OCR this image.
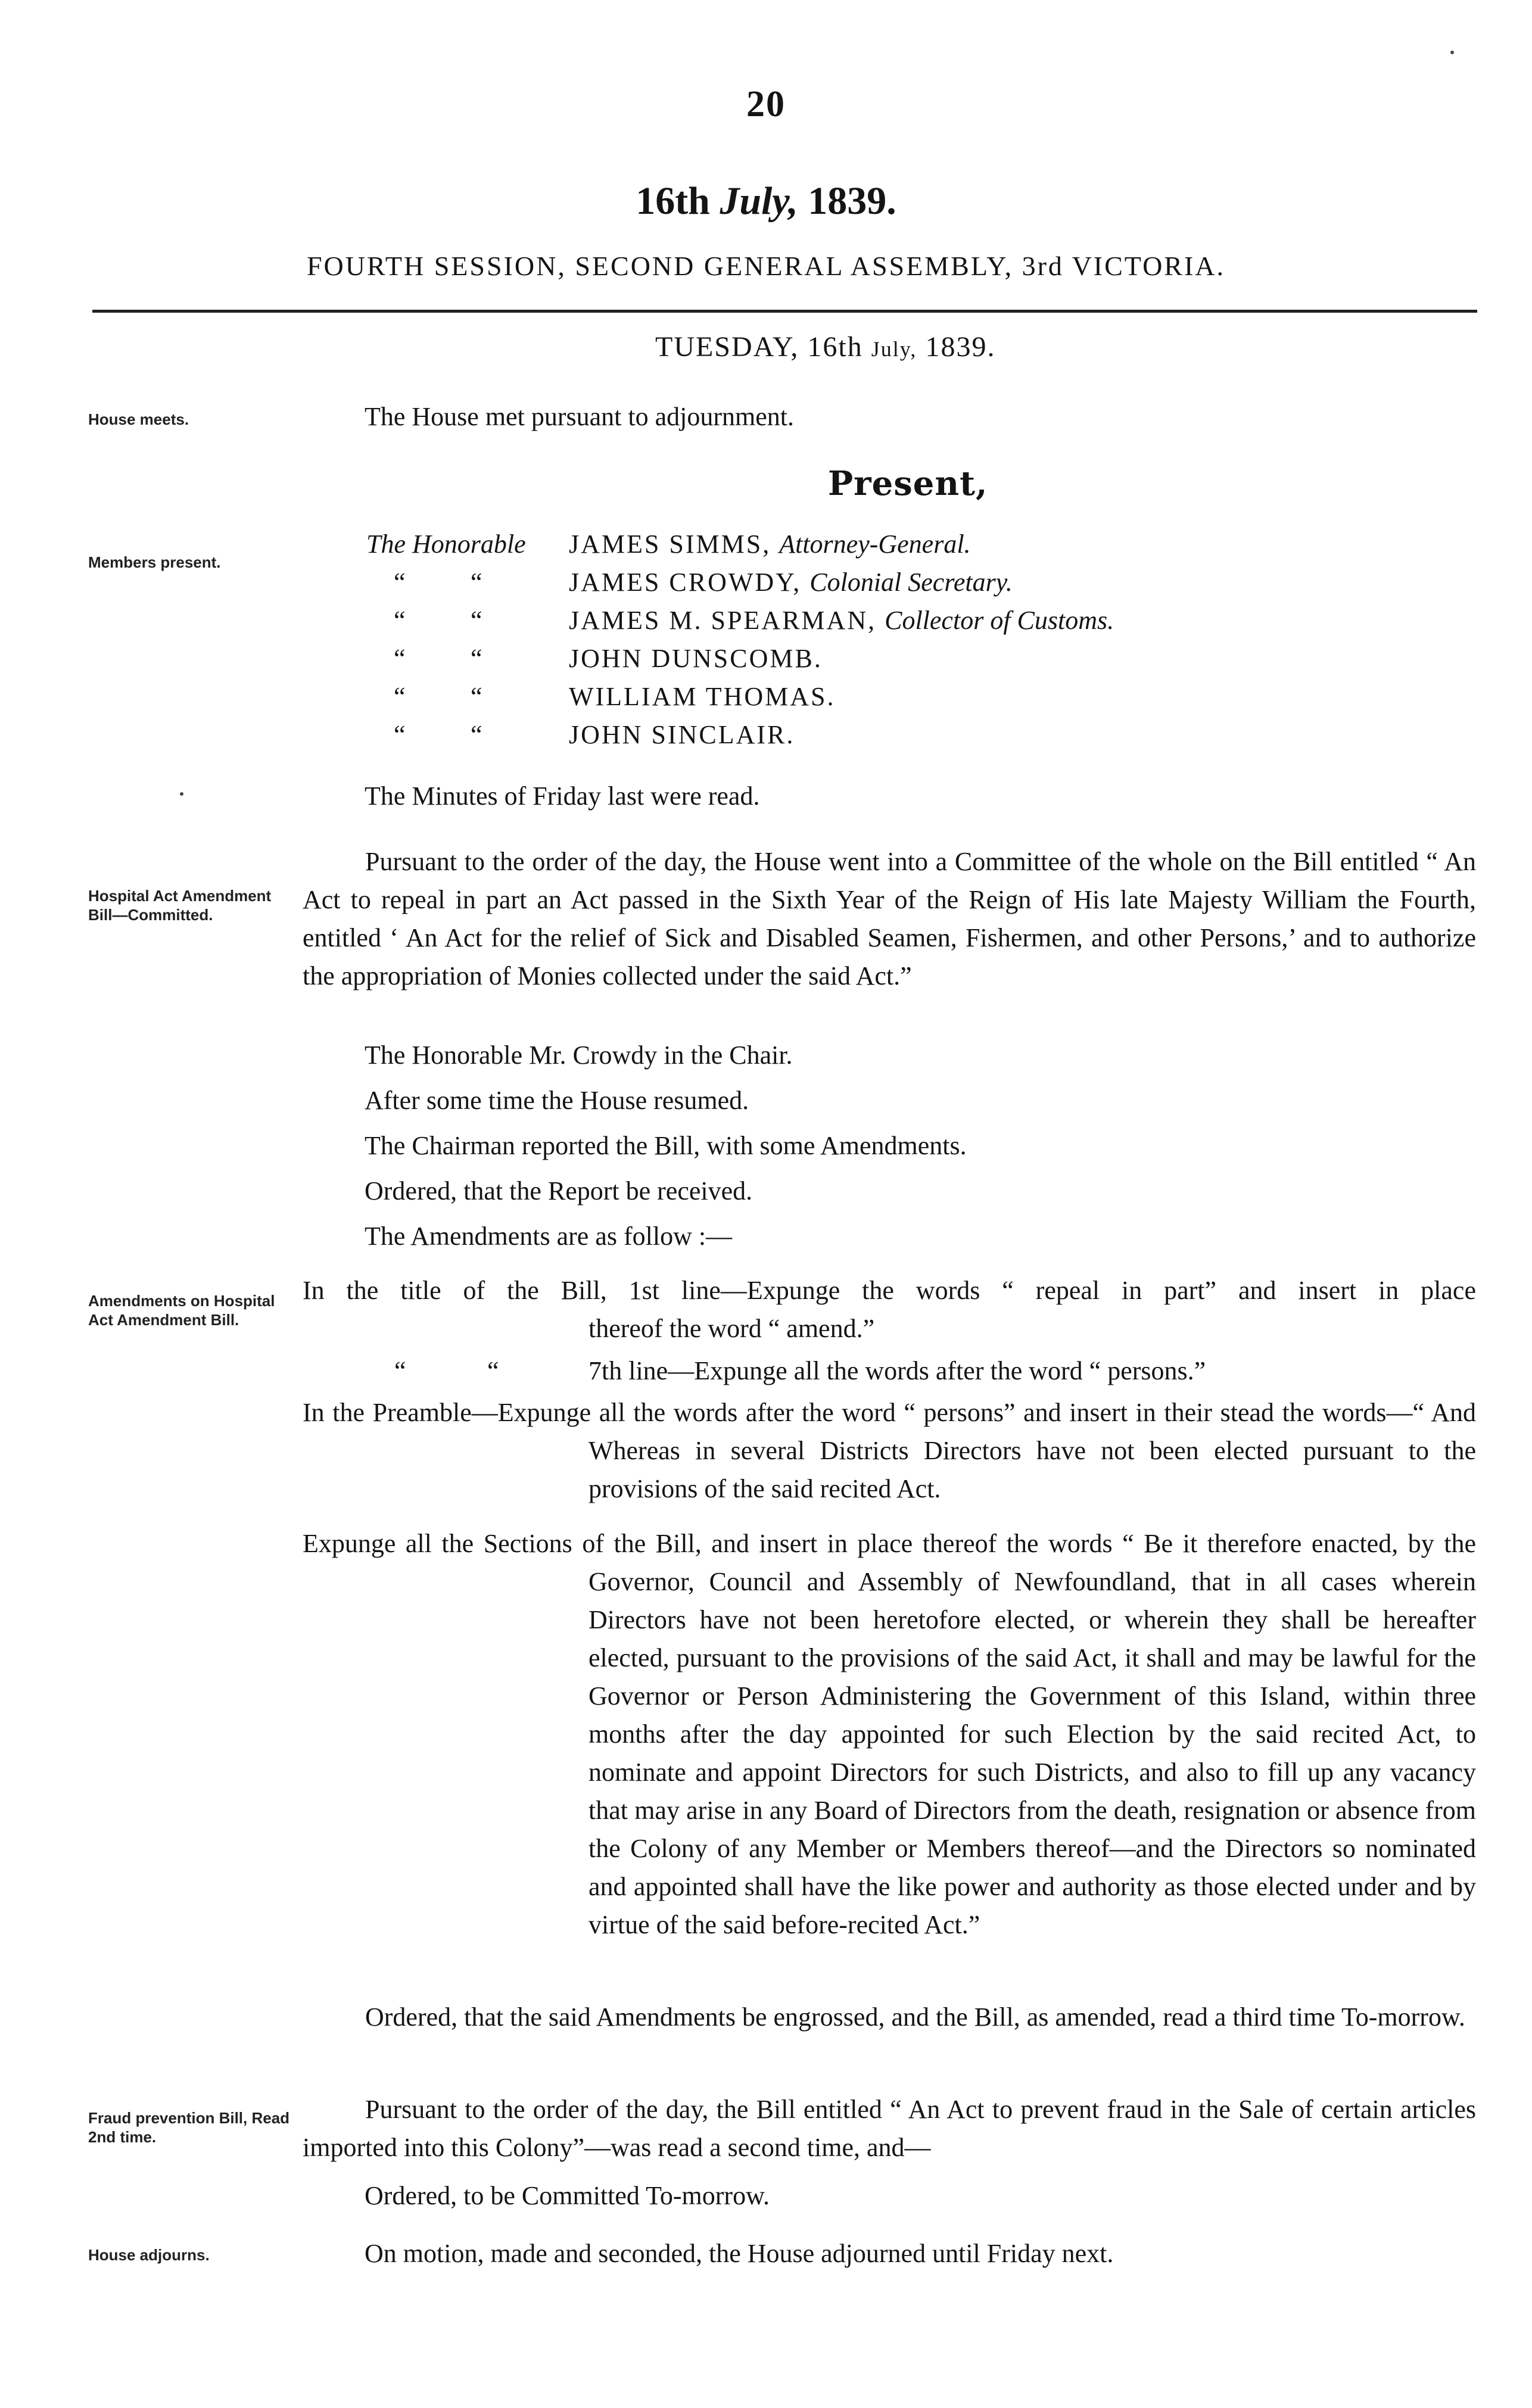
20
16th July, 1839.
FOURTH SESSION, SECOND GENERAL ASSEMBLY, 3rd VICTORIA.
TUESDAY, 16th July, 1839.
House meets.
Members present.
Hospital Act Amendment Bill—Committed.
Amendments on Hospital Act Amendment Bill.
Fraud prevention Bill, Read 2nd time.
House adjourns.
The House met pursuant to adjournment.
Present,
The Honorable JAMES SIMMS, Attorney-General.
“ “	JAMES CROWDY, Colonial Secretary.
“ “	JAMES M. SPEARMAN, Collector of Customs.
“ “	JOHN DUNSCOMB.
“ “	WILLIAM THOMAS.
“ “	JOHN SINCLAIR.
The Minutes of Friday last were read.
Pursuant to the order of the day, the House went into a Committee of the whole on the Bill entitled “ An Act to repeal in part an Act passed in the Sixth Year of the Reign of His late Majesty William the Fourth, entitled ‘ An Act for the relief of Sick and Disabled Seamen, Fishermen, and other Persons,’ and to authorize the appropriation of Monies collected under the said Act.”
The Honorable Mr. Crowdy in the Chair.
After some time the House resumed.
The Chairman reported the Bill, with some Amendments.
Ordered, that the Report be received.
The Amendments are as follow :—
In the title of the Bill, 1st line—Expunge the words “ repeal in part” and insert in place
thereof the word “ amend.”
“	“	7th line—Expunge all the words after the word “ persons.”
In the Preamble—Expunge all the words after the word “ persons” and insert in their stead the words—“ And Whereas in several Districts Directors have not been elected pursuant to the provisions of the said recited Act.
Expunge all the Sections of the Bill, and insert in place thereof the words “ Be it therefore enacted, by the Governor, Council and Assembly of Newfoundland, that in all cases wherein Directors have not been heretofore elected, or wherein they shall be hereafter elected, pursuant to the provisions of the said Act, it shall and may be lawful for the Governor or Person Administering the Government of this Island, within three months after the day appointed for such Election by the said recited Act, to nominate and appoint Directors for such Districts, and also to fill up any vacancy that may arise in any Board of Directors from the death, resignation or absence from the Colony of any Member or Members thereof—and the Directors so nominated and appointed shall have the like power and authority as those elected under and by virtue of the said before-recited Act.”
Ordered, that the said Amendments be engrossed, and the Bill, as amended, read a third time To-morrow.
Pursuant to the order of the day, the Bill entitled “ An Act to prevent fraud in the Sale of certain articles imported into this Colony”—was read a second time, and—
Ordered, to be Committed To-morrow.
On motion, made and seconded, the House adjourned until Friday next.
